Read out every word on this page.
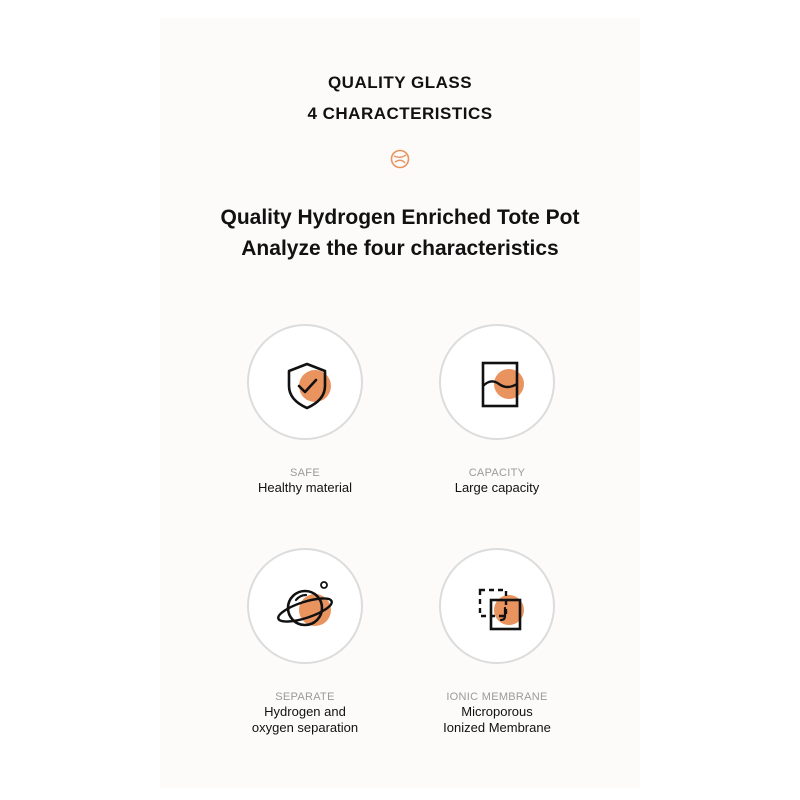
QUALITY GLASS
4 CHARACTERISTICS
Quality Hydrogen Enriched Tote Pot
Analyze the four characteristics
SAFE
Healthy material
CAPACITY
Large capacity
SEPARATE
Hydrogen and
oxygen separation
IONIC MEMBRANE
Microporous
Ionized Membrane
